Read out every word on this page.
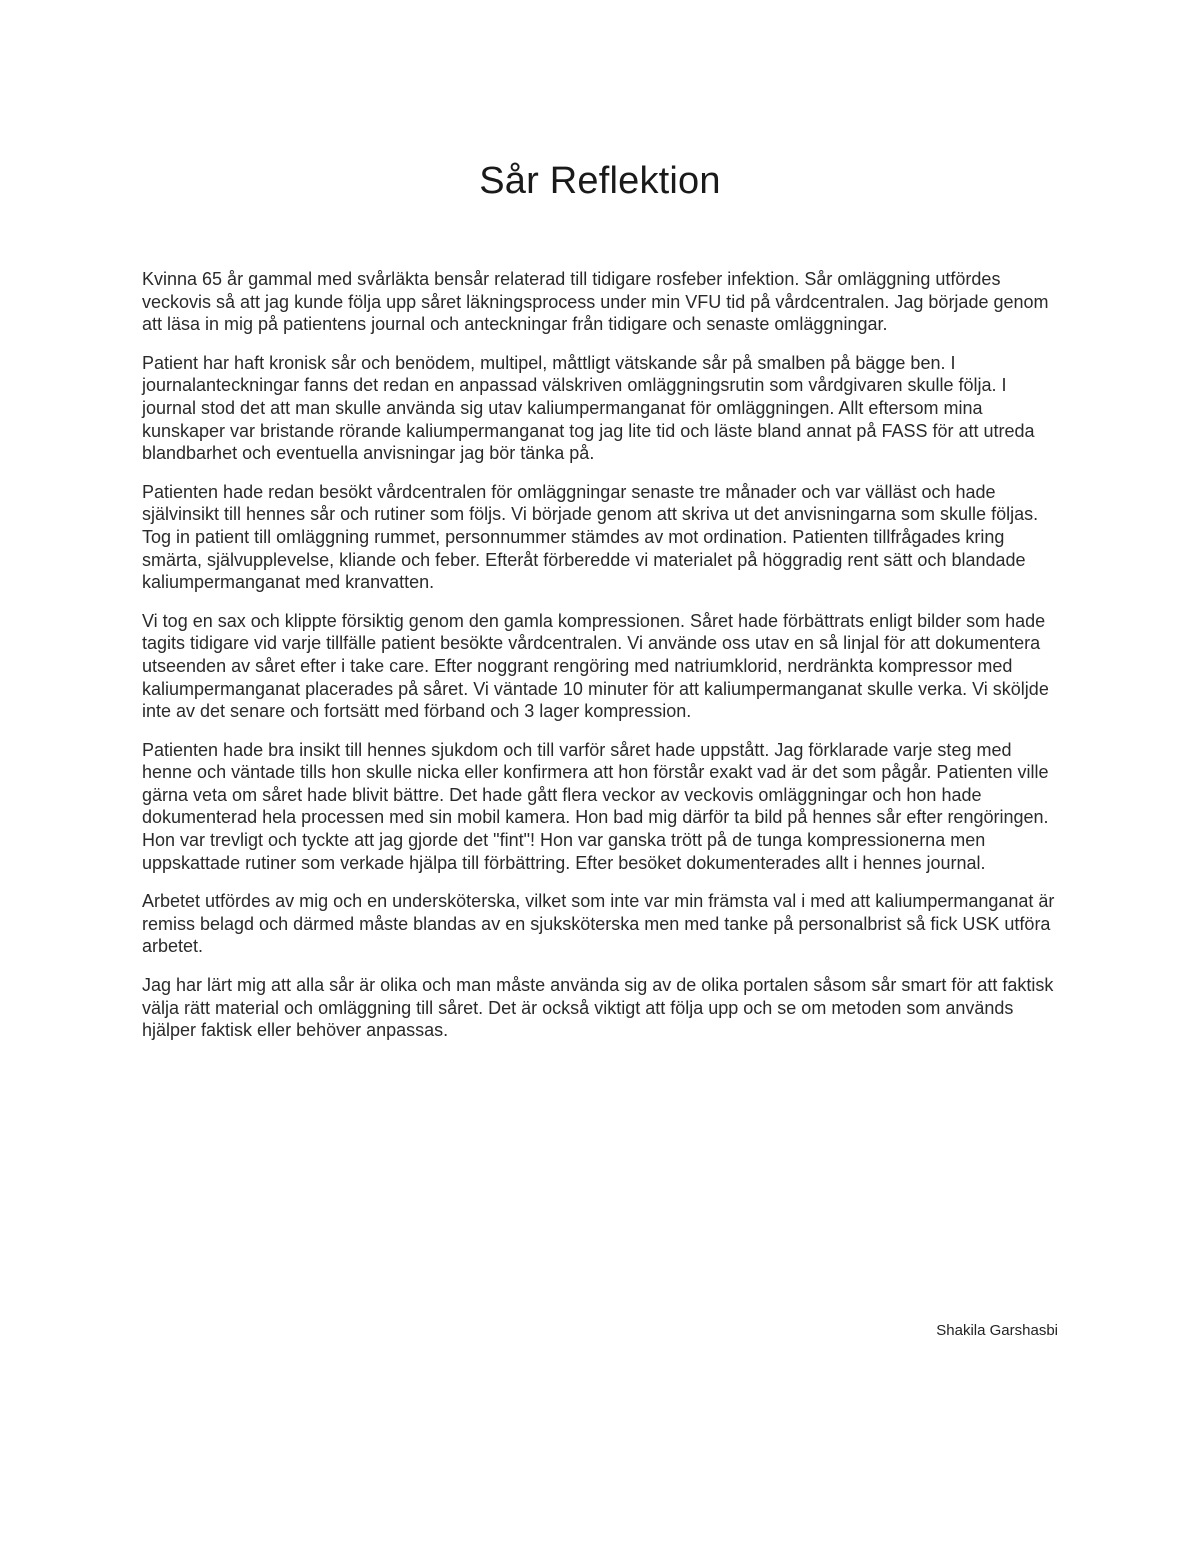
Sår Reflektion

Kvinna 65 år gammal med svårläkta bensår relaterad till tidigare rosfeber infektion. Sår omläggning utfördes veckovis så att jag kunde följa upp såret läkningsprocess under min VFU tid på vårdcentralen. Jag började genom att läsa in mig på patientens journal och anteckningar från tidigare och senaste omläggningar.

Patient har haft kronisk sår och benödem, multipel, måttligt vätskande sår på smalben på bägge ben. I journalanteckningar fanns det redan en anpassad välskriven omläggningsrutin som vårdgivaren skulle följa. I journal stod det att man skulle använda sig utav kaliumpermanganat för omläggningen. Allt eftersom mina kunskaper var bristande rörande kaliumpermanganat tog jag lite tid och läste bland annat på FASS för att utreda blandbarhet och eventuella anvisningar jag bör tänka på.

Patienten hade redan besökt vårdcentralen för omläggningar senaste tre månader och var välläst och hade självinsikt till hennes sår och rutiner som följs. Vi började genom att skriva ut det anvisningarna som skulle följas. Tog in patient till omläggning rummet, personnummer stämdes av mot ordination. Patienten tillfrågades kring smärta, självupplevelse, kliande och feber. Efteråt förberedde vi materialet på höggradig rent sätt och blandade kaliumpermanganat med kranvatten.

Vi tog en sax och klippte försiktig genom den gamla kompressionen. Såret hade förbättrats enligt bilder som hade tagits tidigare vid varje tillfälle patient besökte vårdcentralen. Vi använde oss utav en så linjal för att dokumentera utseenden av såret efter i take care. Efter noggrant rengöring med natriumklorid, nerdränkta kompressor med kaliumpermanganat placerades på såret. Vi väntade 10 minuter för att kaliumpermanganat skulle verka. Vi sköljde inte av det senare och fortsätt med förband och 3 lager kompression.

Patienten hade bra insikt till hennes sjukdom och till varför såret hade uppstått. Jag förklarade varje steg med henne och väntade tills hon skulle nicka eller konfirmera att hon förstår exakt vad är det som pågår. Patienten ville gärna veta om såret hade blivit bättre. Det hade gått flera veckor av veckovis omläggningar och hon hade dokumenterad hela processen med sin mobil kamera. Hon bad mig därför ta bild på hennes sår efter rengöringen. Hon var trevligt och tyckte att jag gjorde det "fint"! Hon var ganska trött på de tunga kompressionerna men uppskattade rutiner som verkade hjälpa till förbättring. Efter besöket dokumenterades allt i hennes journal.

Arbetet utfördes av mig och en undersköterska, vilket som inte var min främsta val i med att kaliumpermanganat är remiss belagd och därmed måste blandas av en sjuksköterska men med tanke på personalbrist så fick USK utföra arbetet.

Jag har lärt mig att alla sår är olika och man måste använda sig av de olika portalen såsom sår smart för att faktisk välja rätt material och omläggning till såret. Det är också viktigt att följa upp och se om metoden som används hjälper faktisk eller behöver anpassas.

Shakila Garshasbi
